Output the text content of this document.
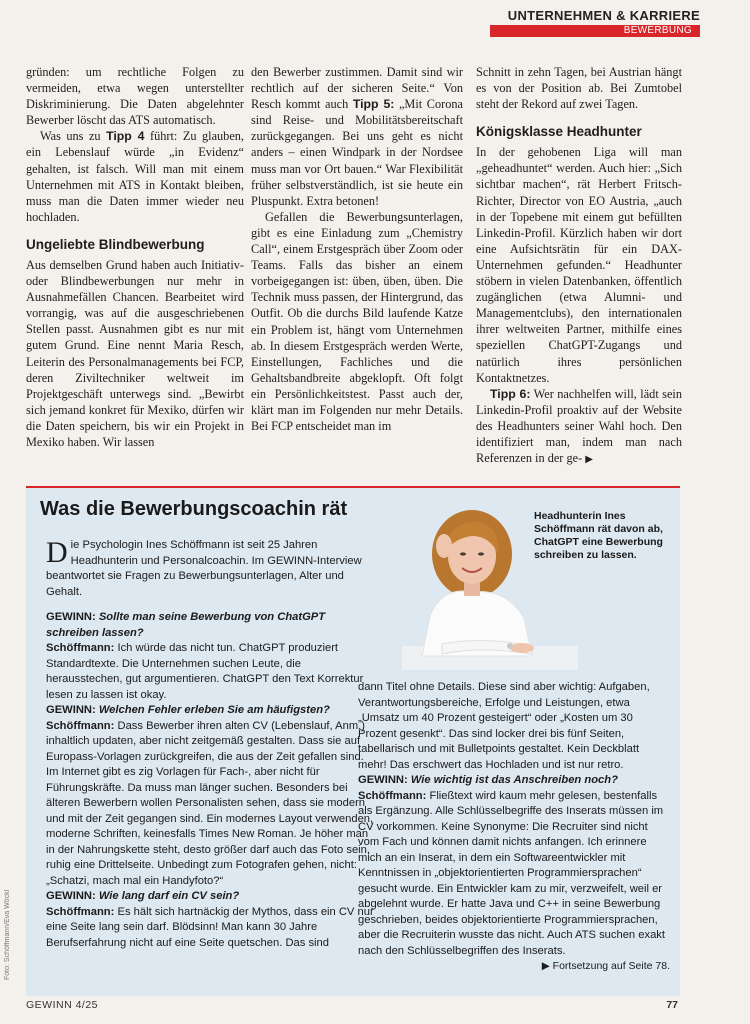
UNTERNEHMEN & KARRIERE
BEWERBUNG

gründen: um rechtliche Folgen zu vermeiden, etwa wegen unterstellter Diskriminierung. Die Daten abgelehnter Bewerber löscht das ATS automatisch.

Was uns zu Tipp 4 führt: Zu glauben, ein Lebenslauf würde „in Evidenz“ gehalten, ist falsch. Will man mit einem Unternehmen mit ATS in Kontakt bleiben, muss man die Daten immer wieder neu hochladen.

Ungeliebte Blindbewerbung

Aus demselben Grund haben auch Initiativ- oder Blindbewerbungen nur mehr in Ausnahmefällen Chancen. Bearbeitet wird vorrangig, was auf die ausgeschriebenen Stellen passt. Ausnahmen gibt es nur mit gutem Grund. Eine nennt Maria Resch, Leiterin des Personalmanagements bei FCP, deren Ziviltechniker weltweit im Projektgeschäft unterwegs sind. „Bewirbt sich jemand konkret für Mexiko, dürfen wir die Daten speichern, bis wir ein Projekt in Mexiko haben. Wir lassen

den Bewerber zustimmen. Damit sind wir rechtlich auf der sicheren Seite.“ Von Resch kommt auch Tipp 5: „Mit Corona sind Reise- und Mobilitätsbereitschaft zurückgegangen. Bei uns geht es nicht anders – einen Windpark in der Nordsee muss man vor Ort bauen.“ War Flexibilität früher selbstverständlich, ist sie heute ein Pluspunkt. Extra betonen!

Gefallen die Bewerbungsunterlagen, gibt es eine Einladung zum „Chemistry Call“, einem Erstgespräch über Zoom oder Teams. Falls das bisher an einem vorbeigegangen ist: üben, üben, üben. Die Technik muss passen, der Hintergrund, das Outfit. Ob die durchs Bild laufende Katze ein Problem ist, hängt vom Unternehmen ab. In diesem Erstgespräch werden Werte, Einstellungen, Fachliches und die Gehaltsbandbreite abgeklopft. Oft folgt ein Persönlichkeitstest. Passt auch der, klärt man im Folgenden nur mehr Details. Bei FCP entscheidet man im

Schnitt in zehn Tagen, bei Austrian hängt es von der Position ab. Bei Zumtobel steht der Rekord auf zwei Tagen.

Königsklasse Headhunter

In der gehobenen Liga will man „geheadhuntet“ werden. Auch hier: „Sich sichtbar machen“, rät Herbert Fritsch-Richter, Director von EO Austria, „auch in der Topebene mit einem gut befüllten Linkedin-Profil. Kürzlich haben wir dort eine Aufsichtsrätin für ein DAX-Unternehmen gefunden.“ Headhunter stöbern in vielen Datenbanken, öffentlich zugänglichen (etwa Alumni- und Managementclubs), den internationalen ihrer weltweiten Partner, mithilfe eines speziellen ChatGPT-Zugangs und natürlich ihres persönlichen Kontaktnetzes.

Tipp 6: Wer nachhelfen will, lädt sein Linkedin-Profil proaktiv auf der Website des Headhunters seiner Wahl hoch. Den identifiziert man, indem man nach Referenzen in der ge- ▶

Was die Bewerbungscoachin rät	Headhunterin Ines Schöffmann rät davon ab, ChatGPT eine Bewerbung schreiben zu lassen.

Die Psychologin Ines Schöffmann ist seit 25 Jahren Headhunterin und Personalcoachin. Im GEWINN-Interview beantwortet sie Fragen zu Bewerbungsunterlagen, Alter und Gehalt.

GEWINN: Sollte man seine Bewerbung von ChatGPT schreiben lassen?

Schöffmann: Ich würde das nicht tun. ChatGPT produziert Standardtexte. Die Unternehmen suchen Leute, die herausstechen, gut argumentieren. ChatGPT den Text Korrektur lesen zu lassen ist okay.

GEWINN: Welchen Fehler erleben Sie am häufigsten?

Schöffmann: Dass Bewerber ihren alten CV (Lebenslauf, Anm.) inhaltlich updaten, aber nicht zeitgemäß gestalten. Dass sie auf Europass-Vorlagen zurückgreifen, die aus der Zeit gefallen sind. Im Internet gibt es zig Vorlagen für Fach-, aber nicht für Führungskräfte. Da muss man länger suchen. Besonders bei älteren Bewerbern wollen Personalisten sehen, dass sie modern und mit der Zeit gegangen sind. Ein modernes Layout verwenden, moderne Schriften, keinesfalls Times New Roman. Je höher man in der Nahrungskette steht, desto größer darf auch das Foto sein, ruhig eine Drittelseite. Unbedingt zum Fotografen gehen, nicht: „Schatzi, mach mal ein Handyfoto?“

GEWINN: Wie lang darf ein CV sein?

Schöffmann: Es hält sich hartnäckig der Mythos, dass ein CV nur eine Seite lang sein darf. Blödsinn! Man kann 30 Jahre Berufserfahrung nicht auf eine Seite quetschen. Das sind

dann Titel ohne Details. Diese sind aber wichtig: Aufgaben, Verantwortungsbereiche, Erfolge und Leistungen, etwa „Umsatz um 40 Prozent gesteigert“ oder „Kosten um 30 Prozent gesenkt“. Das sind locker drei bis fünf Seiten, tabellarisch und mit Bulletpoints gestaltet. Kein Deckblatt mehr! Das erschwert das Hochladen und ist nur retro.

GEWINN: Wie wichtig ist das Anschreiben noch?

Schöffmann: Fließtext wird kaum mehr gelesen, bestenfalls als Ergänzung. Alle Schlüsselbegriffe des Inserats müssen im CV vorkommen. Keine Synonyme: Die Recruiter sind nicht vom Fach und können damit nichts anfangen. Ich erinnere mich an ein Inserat, in dem ein Softwareentwickler mit Kenntnissen in „objektorientierten Programmiersprachen“ gesucht wurde. Ein Entwickler kam zu mir, verzweifelt, weil er abgelehnt wurde. Er hatte Java und C++ in seine Bewerbung geschrieben, beides objektorientierte Programmiersprachen, aber die Recruiterin wusste das nicht. Auch ATS suchen exakt nach den Schlüsselbegriffen des Inserats.

▶ Fortsetzung auf Seite 78.

Foto: Schöffmann/Eva Wöckl
GEWINN 4/25	77
